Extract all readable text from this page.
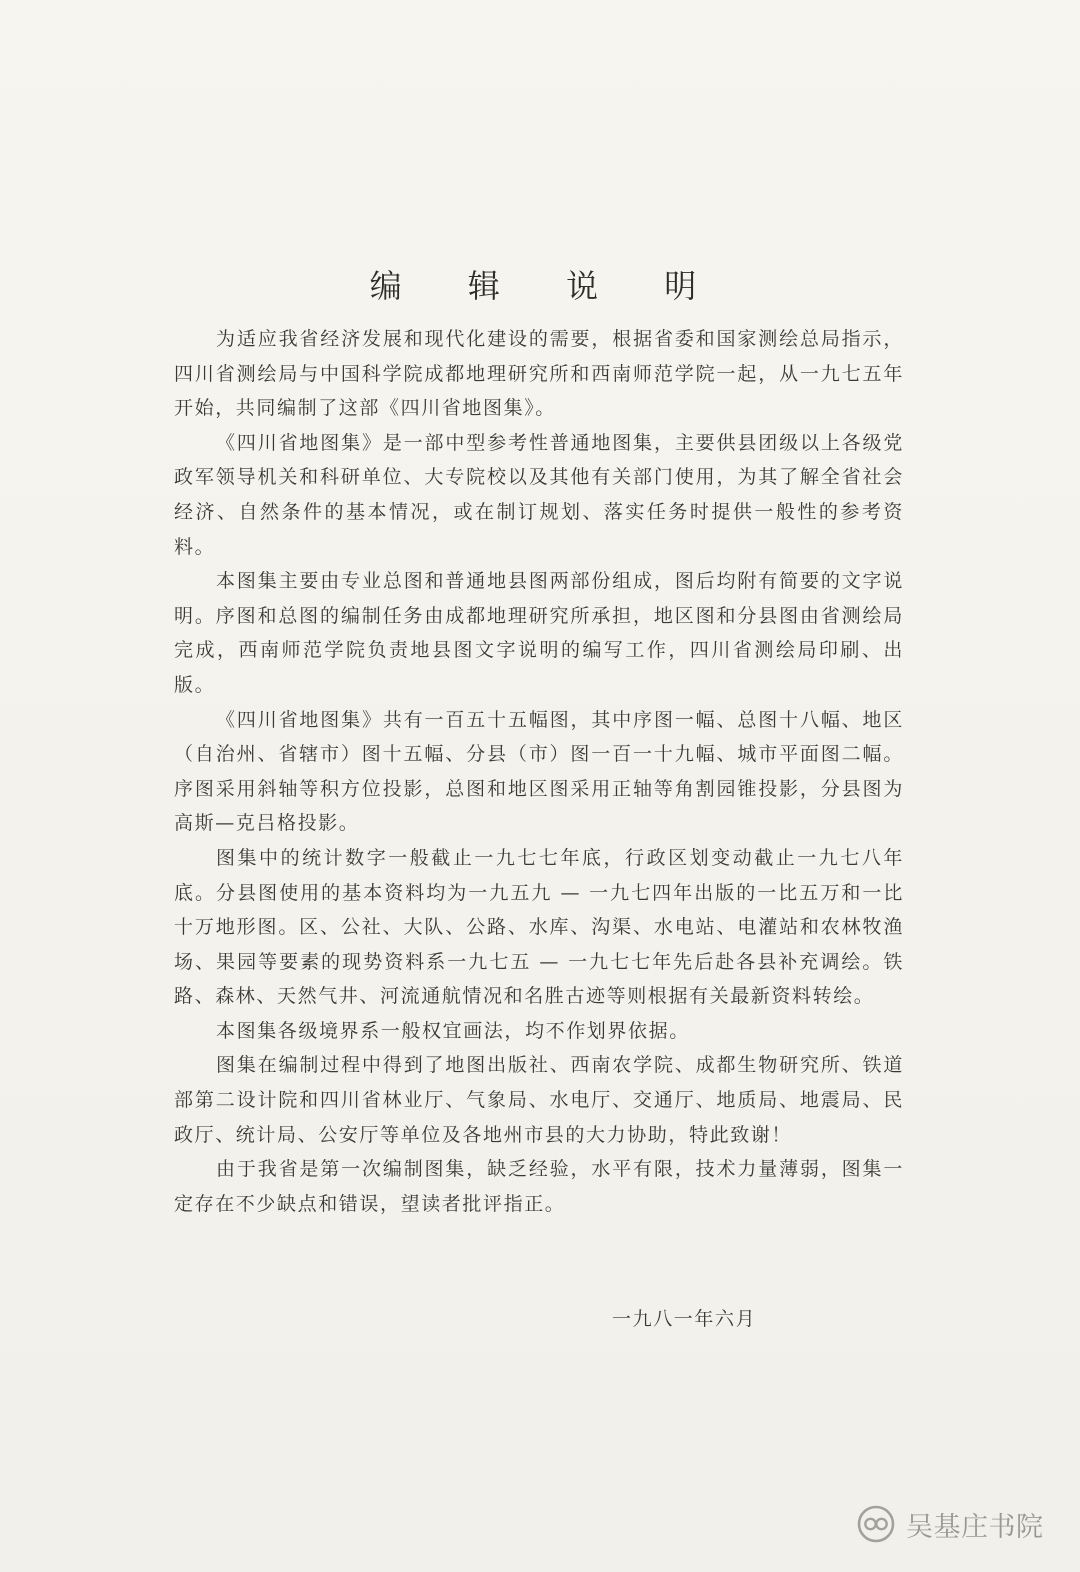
编 辑 说 明

为适应我省经济发展和现代化建设的需要，根据省委和国家测绘总局指示，四川省测绘局与中国科学院成都地理研究所和西南师范学院一起，从一九七五年开始，共同编制了这部《四川省地图集》。

《四川省地图集》是一部中型参考性普通地图集，主要供县团级以上各级党政军领导机关和科研单位、大专院校以及其他有关部门使用，为其了解全省社会经济、自然条件的基本情况，或在制订规划、落实任务时提供一般性的参考资料。

本图集主要由专业总图和普通地县图两部份组成，图后均附有简要的文字说明。序图和总图的编制任务由成都地理研究所承担，地区图和分县图由省测绘局完成，西南师范学院负责地县图文字说明的编写工作，四川省测绘局印刷、出版。

《四川省地图集》共有一百五十五幅图，其中序图一幅、总图十八幅、地区（自治州、省辖市）图十五幅、分县（市）图一百一十九幅、城市平面图二幅。序图采用斜轴等积方位投影，总图和地区图采用正轴等角割园锥投影，分县图为高斯—克吕格投影。

图集中的统计数字一般截止一九七七年底，行政区划变动截止一九七八年底。分县图使用的基本资料均为一九五九 — 一九七四年出版的一比五万和一比十万地形图。区、公社、大队、公路、水库、沟渠、水电站、电灌站和农林牧渔场、果园等要素的现势资料系一九七五 — 一九七七年先后赴各县补充调绘。铁路、森林、天然气井、河流通航情况和名胜古迹等则根据有关最新资料转绘。

本图集各级境界系一般权宜画法，均不作划界依据。

图集在编制过程中得到了地图出版社、西南农学院、成都生物研究所、铁道部第二设计院和四川省林业厅、气象局、水电厅、交通厅、地质局、地震局、民政厅、统计局、公安厅等单位及各地州市县的大力协助，特此致谢！

由于我省是第一次编制图集，缺乏经验，水平有限，技术力量薄弱，图集一定存在不少缺点和错误，望读者批评指正。

一九八一年六月
吴基庄书院
